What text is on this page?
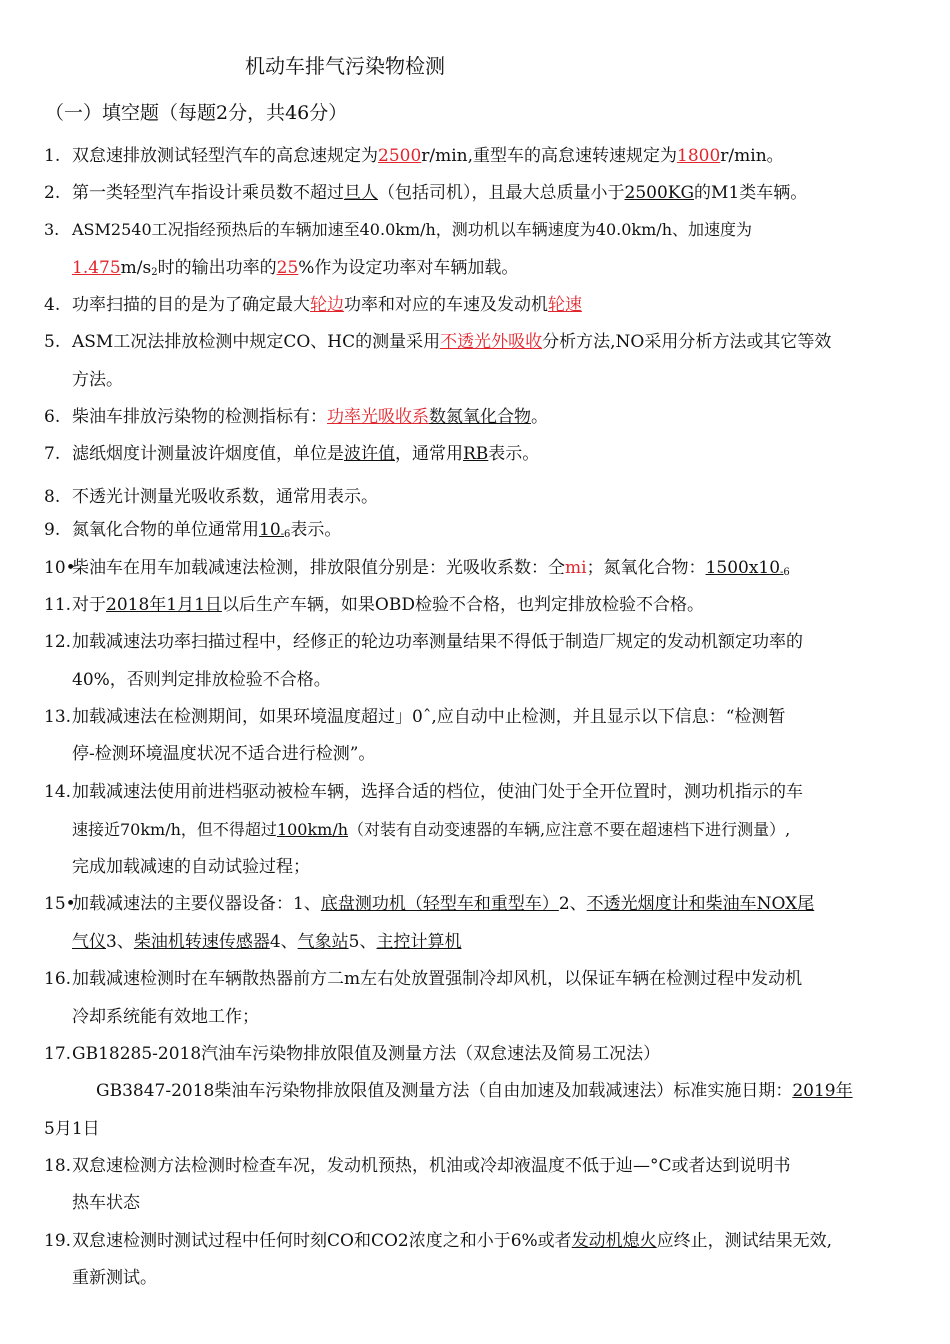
机动车排气污染物检测
（一）填空题（每题2分，共46分）
1. 双怠速排放测试轻型汽车的高怠速规定为2500r/min,重型车的高怠速转速规定为1800r/min。
2. 第一类轻型汽车指设计乘员数不超过旦人（包括司机），且最大总质量小于2500KG的M1类车辆。
3. ASM2540工况指经预热后的车辆加速至40.0km/h，测功机以车辆速度为40.0km/h、加速度为
$1.475m/s_2$时的输出功率的25%作为设定功率对车辆加载。
4. 功率扫描的目的是为了确定最大轮边功率和对应的车速及发动机轮速
5. ASM工况法排放检测中规定CO、HC的测量采用不透光外吸收分析方法,NO采用分析方法或其它等效
方法。
6. 柴油车排放污染物的检测指标有：功率光吸收系数氮氧化合物。
7. 滤纸烟度计测量波许烟度值，单位是波许值，通常用RB表示。
8. 不透光计测量光吸收系数，通常用表示。
9. 氮氧化合物的单位通常用$10_{-6}$表示。
10•柴油车在用车加载减速法检测，排放限值分别是：光吸收系数：仝mi；氮氧化合物：$1500x10_{-6}$
11.对于2018年1月1日以后生产车辆，如果OBD检验不合格，也判定排放检验不合格。
12.加载减速法功率扫描过程中，经修正的轮边功率测量结果不得低于制造厂规定的发动机额定功率的
40%，否则判定排放检验不合格。
13.加载减速法在检测期间，如果环境温度超过」0ˆ,应自动中止检测，并且显示以下信息：“检测暂
停-检测环境温度状况不适合进行检测”。
14.加载减速法使用前进档驱动被检车辆，选择合适的档位，使油门处于全开位置时，测功机指示的车
速接近70km/h，但不得超过100km/h（对装有自动变速器的车辆,应注意不要在超速档下进行测量）,
完成加载减速的自动试验过程；
15•加载减速法的主要仪器设备：1、底盘测功机（轻型车和重型车）2、不透光烟度计和柴油车NOX尾
气仪3、柴油机转速传感器4、气象站5、主控计算机
16.加载减速检测时在车辆散热器前方二m左右处放置强制冷却风机，以保证车辆在检测过程中发动机
冷却系统能有效地工作；
17.GB18285-2018汽油车污染物排放限值及测量方法（双怠速法及简易工况法）
GB3847-2018柴油车污染物排放限值及测量方法（自由加速及加载减速法）标准实施日期：2019年
5月1日
18.双怠速检测方法检测时检查车况，发动机预热，机油或冷却液温度不低于辿—°C或者达到说明书
热车状态
19.双怠速检测时测试过程中任何时刻CO和CO2浓度之和小于6%或者发动机熄火应终止，测试结果无效,
重新测试。
